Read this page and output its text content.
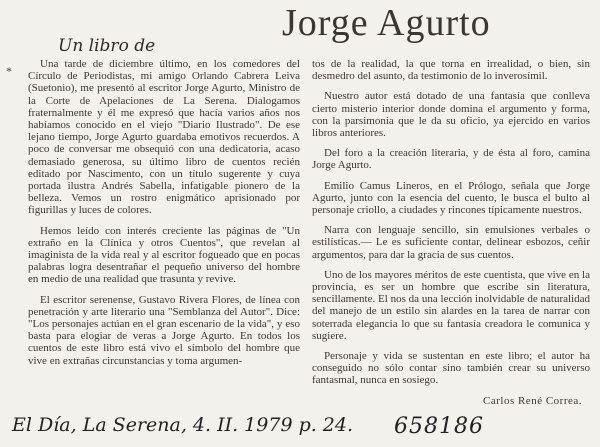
Jorge Agurto
Un libro de
*	Una tarde de diciembre último, en los comedores del Círculo de Periodistas, mi amigo Orlando Cabrera Leiva (Suetonio), me presentó al escritor Jorge Agurto, Ministro de la Corte de Apelaciones de La Serena. Dialogamos fraternalmente y él me expresó que hacía varios años nos habíamos conocido en el viejo "Diario Ilustrado". De ese lejano tiempo, Jorge Agurto guardaba emotivos recuerdos. A poco de conversar me obsequió con una dedicatoria, acaso demasiado generosa, su último libro de cuentos recién editado por Nascimento, con un título sugerente y cuya portada ilustra Andrés Sabella, infatigable pionero de la belleza. Vemos un rostro enigmático aprisionado por figurillas y luces de colores.

Hemos leído con interés creciente las páginas de "Un extraño en la Clínica y otros Cuentos", que revelan al imaginista de la vida real y al escritor fogueado que en pocas palabras logra desentrañar el pequeño universo del hombre en medio de una realidad que trasunta y revive.

El escritor serenense, Gustavo Rivera Flores, de línea con penetración y arte literario una "Semblanza del Autor". Dice: "Los personajes actúan en el gran escenario de la vida", y eso basta para elogiar de veras a Jorge Agurto. En todos los cuentos de este libro está vivo el símbolo del hombre que vive en extrañas circunstancias y toma argumen-

tos de la realidad, la que torna en irrealidad, o bien, sin desmedro del asunto, da testimonio de lo inverosímil.

Nuestro autor está dotado de una fantasía que conlleva cierto misterio interior donde domina el argumento y forma, con la parsimonia que le da su oficio, ya ejercido en varios libros anteriores.

Del foro a la creación literaria, y de ésta al foro, camina Jorge Agurto.

Emilio Camus Lineros, en el Prólogo, señala que Jorge Agurto, junto con la esencia del cuento, le busca el bulto al personaje criollo, a ciudades y rincones típicamente nuestros.

Narra con lenguaje sencillo, sin emulsiones verbales o estilísticas.— Le es suficiente contar, delinear esbozos, ceñir argumentos, para dar la gracia de sus cuentos.

Uno de los mayores méritos de este cuentista, que vive en la provincia, es ser un hombre que escribe sin literatura, sencillamente. El nos da una lección inolvidable de naturalidad del manejo de un estilo sin alardes en la tarea de narrar con soterrada elegancia lo que su fantasía creadora le comunica y sugiere.

Personaje y vida se sustentan en este libro; el autor ha conseguido no sólo contar sino también crear su universo fantasmal, nunca en sosiego.

Carlos René Correa.
El Día, La Serena, 4. II. 1979 p. 24. 658186
